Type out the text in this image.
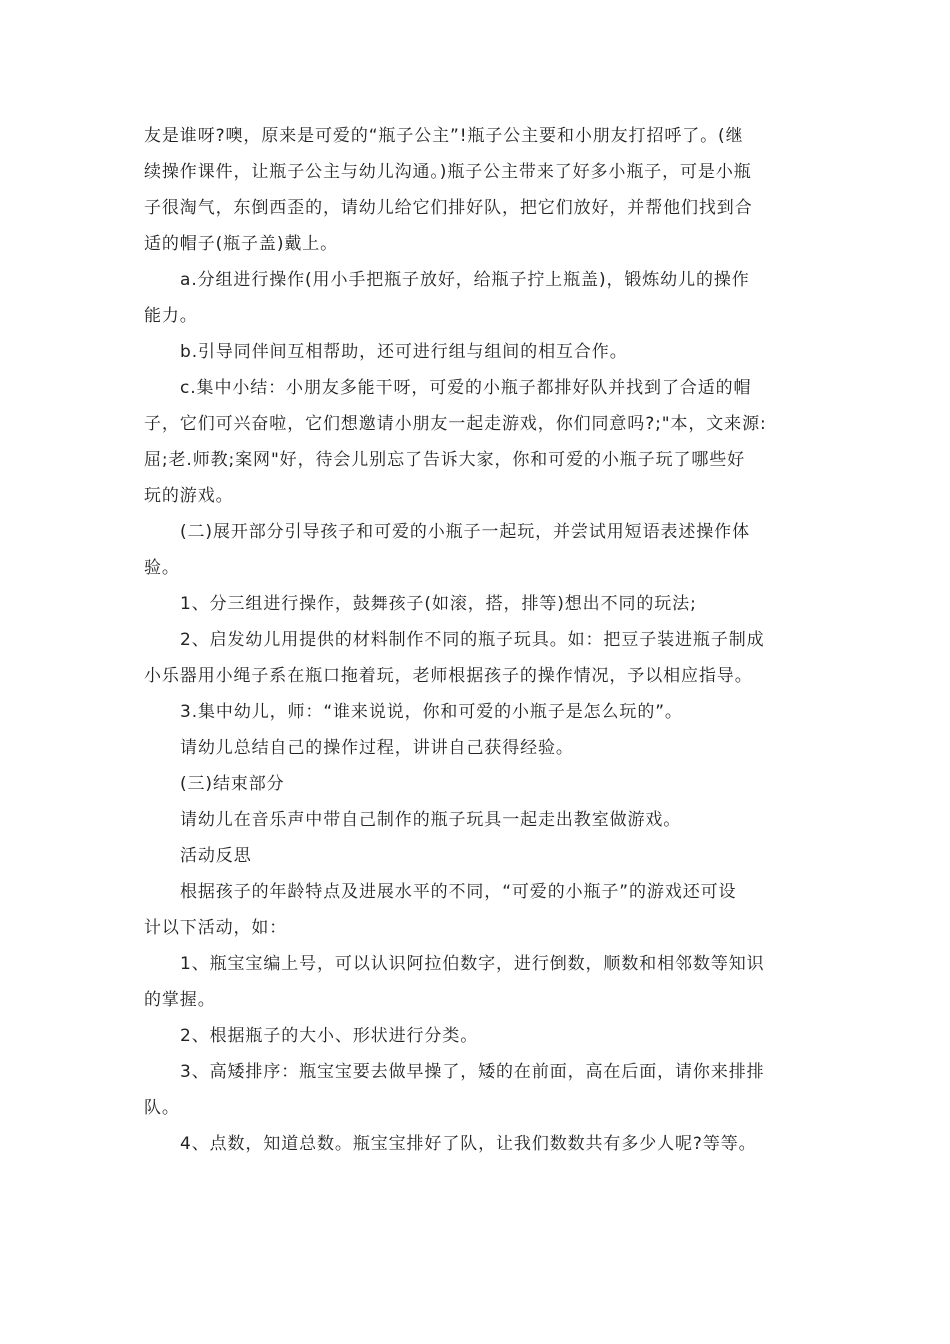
友是谁呀?噢，原来是可爱的“瓶子公主”!瓶子公主要和小朋友打招呼了。(继
续操作课件，让瓶子公主与幼儿沟通。)瓶子公主带来了好多小瓶子，可是小瓶
子很淘气，东倒西歪的，请幼儿给它们排好队，把它们放好，并帮他们找到合
适的帽子(瓶子盖)戴上。

a.分组进行操作(用小手把瓶子放好，给瓶子拧上瓶盖)，锻炼幼儿的操作
能力。

b.引导同伴间互相帮助，还可进行组与组间的相互合作。

c.集中小结：小朋友多能干呀，可爱的小瓶子都排好队并找到了合适的帽
子，它们可兴奋啦，它们想邀请小朋友一起走游戏，你们同意吗?;"本，文来源:
屈;老.师教;案网"好，待会儿别忘了告诉大家，你和可爱的小瓶子玩了哪些好
玩的游戏。

(二)展开部分引导孩子和可爱的小瓶子一起玩，并尝试用短语表述操作体
验。

1、分三组进行操作，鼓舞孩子(如滚，搭，排等)想出不同的玩法;

2、启发幼儿用提供的材料制作不同的瓶子玩具。如：把豆子装进瓶子制成
小乐器用小绳子系在瓶口拖着玩，老师根据孩子的操作情况，予以相应指导。

3.集中幼儿，师：“谁来说说，你和可爱的小瓶子是怎么玩的”。

请幼儿总结自己的操作过程，讲讲自己获得经验。

(三)结束部分

请幼儿在音乐声中带自己制作的瓶子玩具一起走出教室做游戏。

活动反思

根据孩子的年龄特点及进展水平的不同，“可爱的小瓶子”的游戏还可设
计以下活动，如：

1、瓶宝宝编上号，可以认识阿拉伯数字，进行倒数，顺数和相邻数等知识
的掌握。

2、根据瓶子的大小、形状进行分类。

3、高矮排序：瓶宝宝要去做早操了，矮的在前面，高在后面，请你来排排
队。

4、点数，知道总数。瓶宝宝排好了队，让我们数数共有多少人呢?等等。
